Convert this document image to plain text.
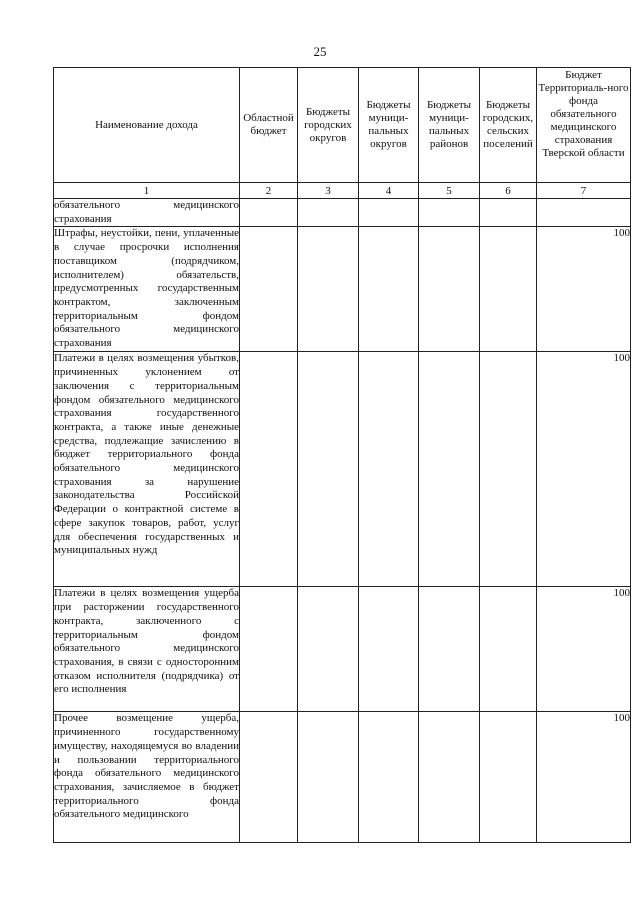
25
Наименование дохода	Областной бюджет	Бюджеты городских округов	Бюджеты муници-пальных округов	Бюджеты муници-пальных районов	Бюджеты городских, сельских поселений	Бюджет Территориаль-ного фонда обязательного медицинского страхования Тверской области
1	2	3	4	5	6	7
обязательного медицинского страхования						
Штрафы, неустойки, пени, уплаченные в случае просрочки исполнения поставщиком (подрядчиком, исполнителем) обязательств, предусмотренных государственным контрактом, заключенным территориальным фондом обязательного медицинского страхования						100
Платежи в целях возмещения убытков, причиненных уклонением от заключения с территориальным фондом обязательного медицинского страхования государственного контракта, а также иные денежные средства, подлежащие зачислению в бюджет территориального фонда обязательного медицинского страхования за нарушение законодательства Российской Федерации о контрактной системе в сфере закупок товаров, работ, услуг для обеспечения государственных и муниципальных нужд						100
Платежи в целях возмещения ущерба при расторжении государственного контракта, заключенного с территориальным фондом обязательного медицинского страхования, в связи с односторонним отказом исполнителя (подрядчика) от его исполнения						100
Прочее возмещение ущерба, причиненного государственному имуществу, находящемуся во владении и пользовании территориального фонда обязательного медицинского страхования, зачисляемое в бюджет территориального фонда обязательного медицинского						100
